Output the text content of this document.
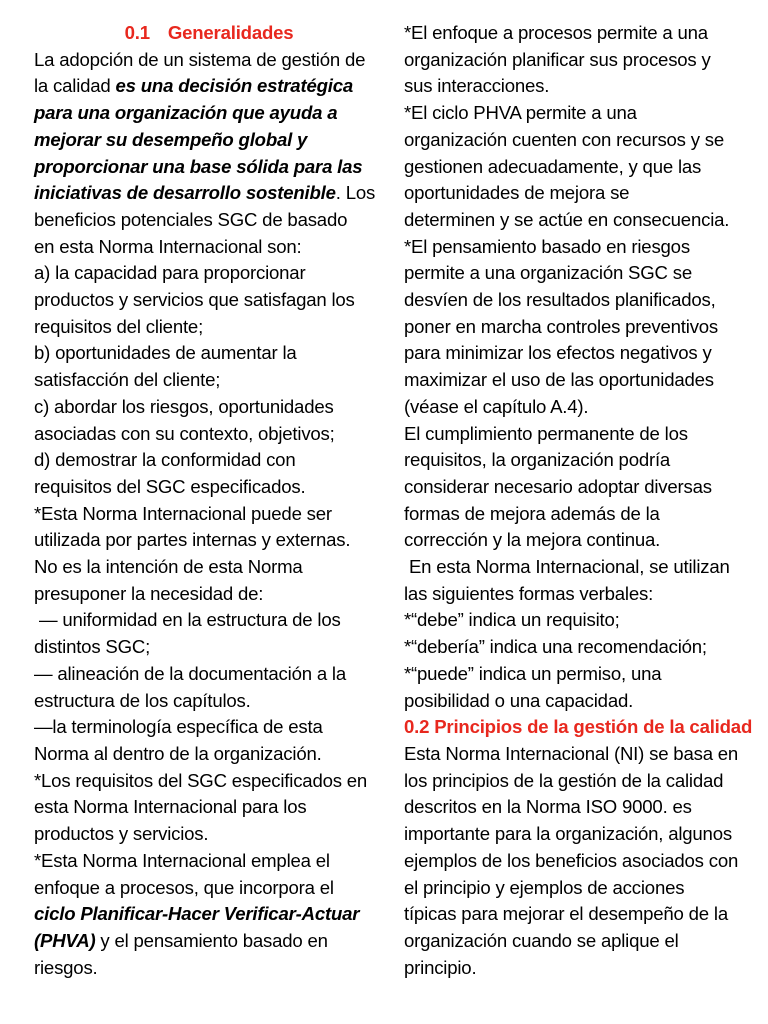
0.1 Generalidades
La adopción de un sistema de gestión de
la calidad es una decisión estratégica
para una organización que ayuda a
mejorar su desempeño global y
proporcionar una base sólida para las
iniciativas de desarrollo sostenible. Los
beneficios potenciales SGC de basado
en esta Norma Internacional son:
a) la capacidad para proporcionar
productos y servicios que satisfagan los
requisitos del cliente;
b) oportunidades de aumentar la
satisfacción del cliente;
c) abordar los riesgos, oportunidades
asociadas con su contexto, objetivos;
d) demostrar la conformidad con
requisitos del SGC especificados.
*Esta Norma Internacional puede ser
utilizada por partes internas y externas.
No es la intención de esta Norma
presuponer la necesidad de:
— uniformidad en la estructura de los
distintos SGC;
— alineación de la documentación a la
estructura de los capítulos.
—la terminología específica de esta
Norma al dentro de la organización.
*Los requisitos del SGC especificados en
esta Norma Internacional para los
productos y servicios.
*Esta Norma Internacional emplea el
enfoque a procesos, que incorpora el
ciclo Planificar-Hacer Verificar-Actuar
(PHVA) y el pensamiento basado en
riesgos.
*El enfoque a procesos permite a una
organización planificar sus procesos y
sus interacciones.
*El ciclo PHVA permite a una
organización cuenten con recursos y se
gestionen adecuadamente, y que las
oportunidades de mejora se
determinen y se actúe en consecuencia.
*El pensamiento basado en riesgos
permite a una organización SGC se
desvíen de los resultados planificados,
poner en marcha controles preventivos
para minimizar los efectos negativos y
maximizar el uso de las oportunidades
(véase el capítulo A.4).
El cumplimiento permanente de los
requisitos, la organización podría
considerar necesario adoptar diversas
formas de mejora además de la
corrección y la mejora continua.
En esta Norma Internacional, se utilizan
las siguientes formas verbales:
*“debe” indica un requisito;
*“debería” indica una recomendación;
*“puede” indica un permiso, una
posibilidad o una capacidad.
0.2 Principios de la gestión de la calidad
Esta Norma Internacional (NI) se basa en
los principios de la gestión de la calidad
descritos en la Norma ISO 9000. es
importante para la organización, algunos
ejemplos de los beneficios asociados con
el principio y ejemplos de acciones
típicas para mejorar el desempeño de la
organización cuando se aplique el
principio.
